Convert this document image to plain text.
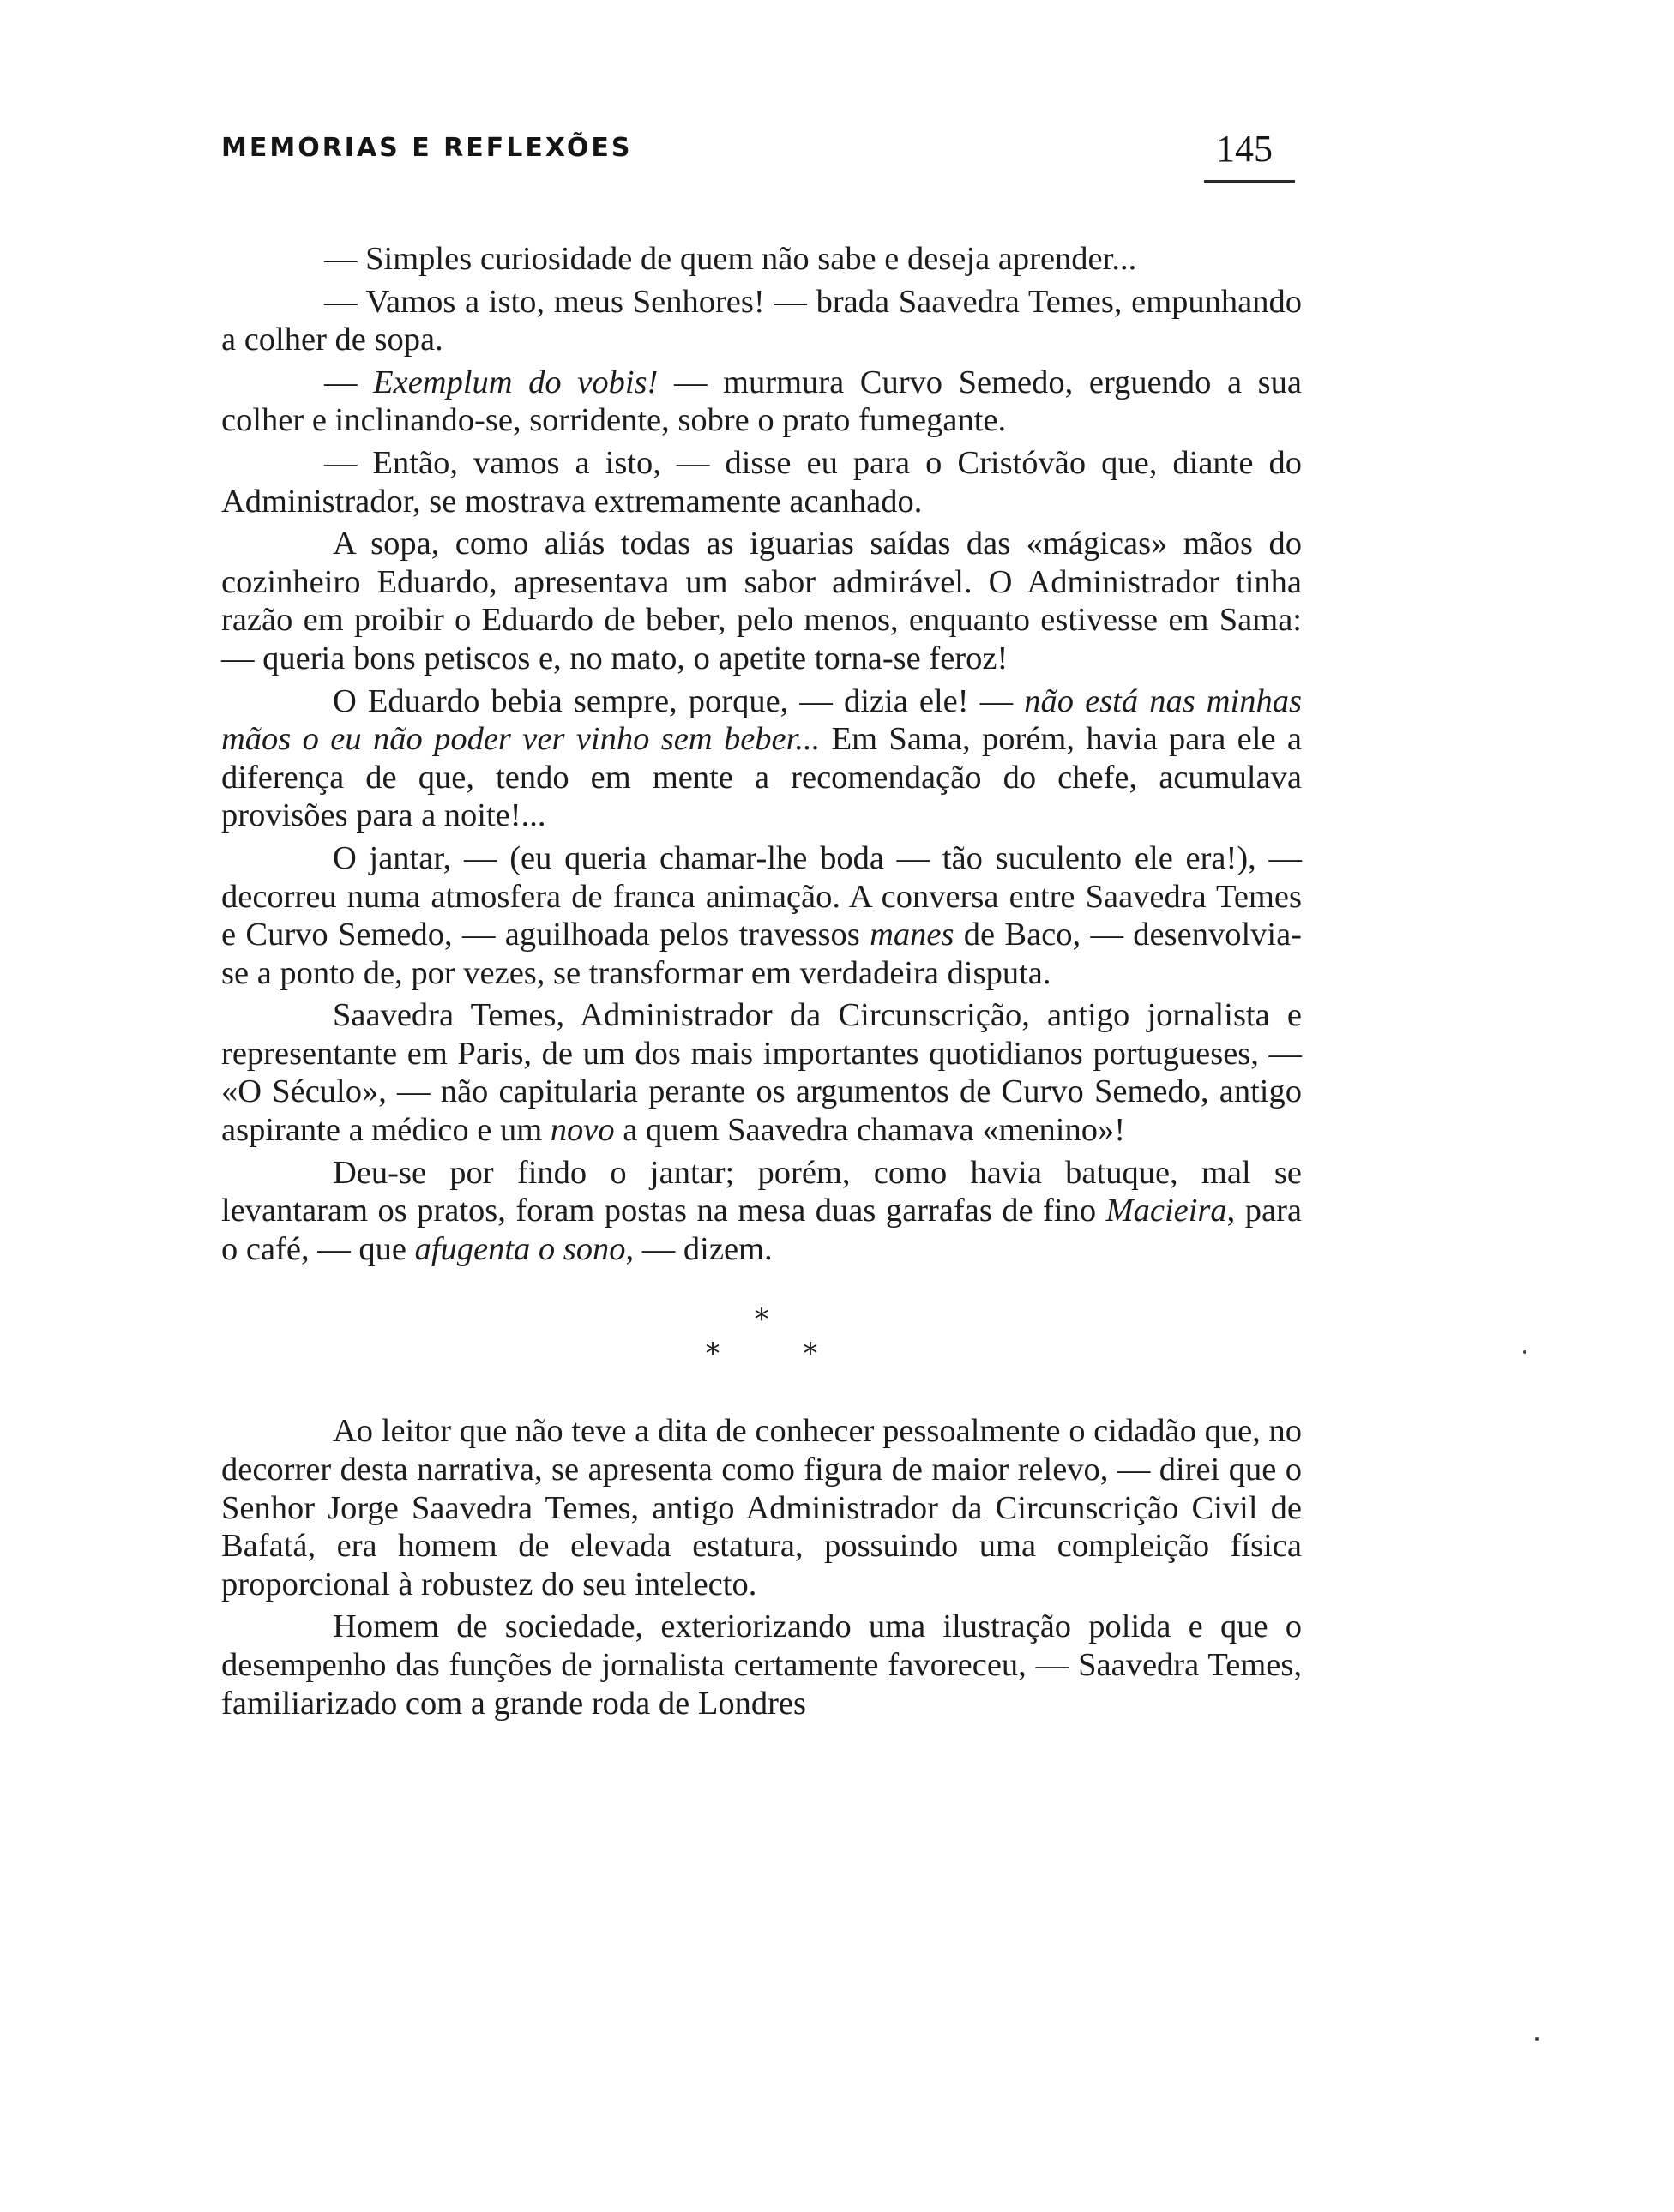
MEMORIAS E REFLEXÕES	145

— Simples curiosidade de quem não sabe e deseja aprender...

— Vamos a isto, meus Senhores! — brada Saavedra Temes, empunhando a colher de sopa.

— Exemplum do vobis! — murmura Curvo Semedo, erguendo a sua colher e inclinando-se, sorridente, sobre o prato fumegante.

— Então, vamos a isto, — disse eu para o Cristóvão que, diante do Administrador, se mostrava extremamente acanhado.

A sopa, como aliás todas as iguarias saídas das «mágicas» mãos do cozinheiro Eduardo, apresentava um sabor admirável. O Administrador tinha razão em proibir o Eduardo de beber, pelo menos, enquanto estivesse em Sama: — queria bons petiscos e, no mato, o apetite torna-se feroz!

O Eduardo bebia sempre, porque, — dizia ele! — não está nas minhas mãos o eu não poder ver vinho sem beber... Em Sama, porém, havia para ele a diferença de que, tendo em mente a recomendação do chefe, acumulava provisões para a noite!...

O jantar, — (eu queria chamar-lhe boda — tão suculento ele era!), — decorreu numa atmosfera de franca animação. A conversa entre Saavedra Temes e Curvo Semedo, — aguilhoada pelos travessos manes de Baco, — desenvolvia-se a ponto de, por vezes, se transformar em verdadeira disputa.

Saavedra Temes, Administrador da Circunscrição, antigo jornalista e representante em Paris, de um dos mais importantes quotidianos portugueses, — «O Século», — não capitularia perante os argumentos de Curvo Semedo, antigo aspirante a médico e um novo a quem Saavedra chamava «menino»!

Deu-se por findo o jantar; porém, como havia batuque, mal se levantaram os pratos, foram postas na mesa duas garrafas de fino Macieira, para o café, — que afugenta o sono, — dizem.

*
*	*

Ao leitor que não teve a dita de conhecer pessoalmente o cidadão que, no decorrer desta narrativa, se apresenta como figura de maior relevo, — direi que o Senhor Jorge Saavedra Temes, antigo Administrador da Circunscrição Civil de Bafatá, era homem de elevada estatura, possuindo uma compleição física proporcional à robustez do seu intelecto.

Homem de sociedade, exteriorizando uma ilustração polida e que o desempenho das funções de jornalista certamente favoreceu, — Saavedra Temes, familiarizado com a grande roda de Londres
